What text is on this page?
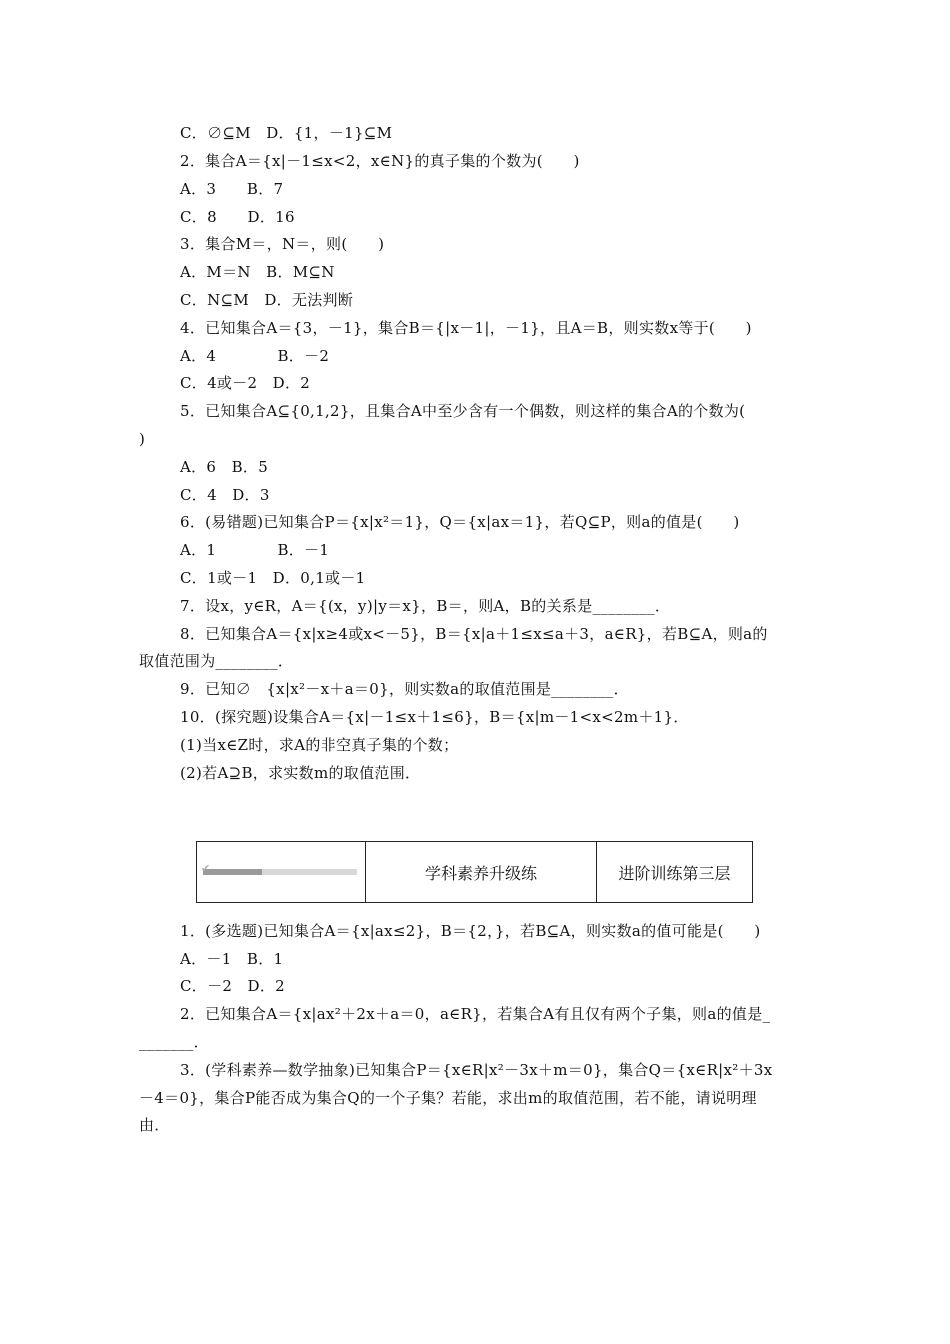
C．∅⊆M　D．{1，－1}⊆M
2．集合A＝{x|－1≤x<2，x∈N}的真子集的个数为(　　)
A．3　　B．7
C．8　　D．16
3．集合M＝，N＝，则(　　)
A．M＝N　B．M⊆N
C．N⊆M　D．无法判断
4．已知集合A＝{3，－1}，集合B＝{|x－1|，－1}，且A＝B，则实数x等于(　　)
A．4　　　　B．－2
C．4或－2　D．2
5．已知集合A⊆{0,1,2}，且集合A中至少含有一个偶数，则这样的集合A的个数为(
)
A．6　B．5
C．4　D．3
6．(易错题)已知集合P＝{x|x²＝1}，Q＝{x|ax＝1}，若Q⊆P，则a的值是(　　)
A．1　　　　B．－1
C．1或－1　D．0,1或－1
7．设x，y∈R，A＝{(x，y)|y＝x}，B＝，则A，B的关系是________．
8．已知集合A＝{x|x≥4或x<－5}，B＝{x|a＋1≤x≤a＋3，a∈R}，若B⊆A，则a的
取值范围为________．
9．已知∅　{x|x²－x＋a＝0}，则实数a的取值范围是________．
10．(探究题)设集合A＝{x|－1≤x＋1≤6}，B＝{x|m－1<x<2m＋1}．
(1)当x∈Z时，求A的非空真子集的个数；
(2)若A⊇B，求实数m的取值范围．
✔	学科素养升级练	进阶训练第三层
1．(多选题)已知集合A＝{x|ax≤2}，B＝{2，}，若B⊆A，则实数a的值可能是(　　)
A．－1　B．1
C．－2　D．2
2．已知集合A＝{x|ax²＋2x＋a＝0，a∈R}，若集合A有且仅有两个子集，则a的值是_
_______．
3．(学科素养—数学抽象)已知集合P＝{x∈R|x²－3x＋m＝0}，集合Q＝{x∈R|x²＋3x
－4＝0}，集合P能否成为集合Q的一个子集？若能，求出m的取值范围，若不能，请说明理
由．
